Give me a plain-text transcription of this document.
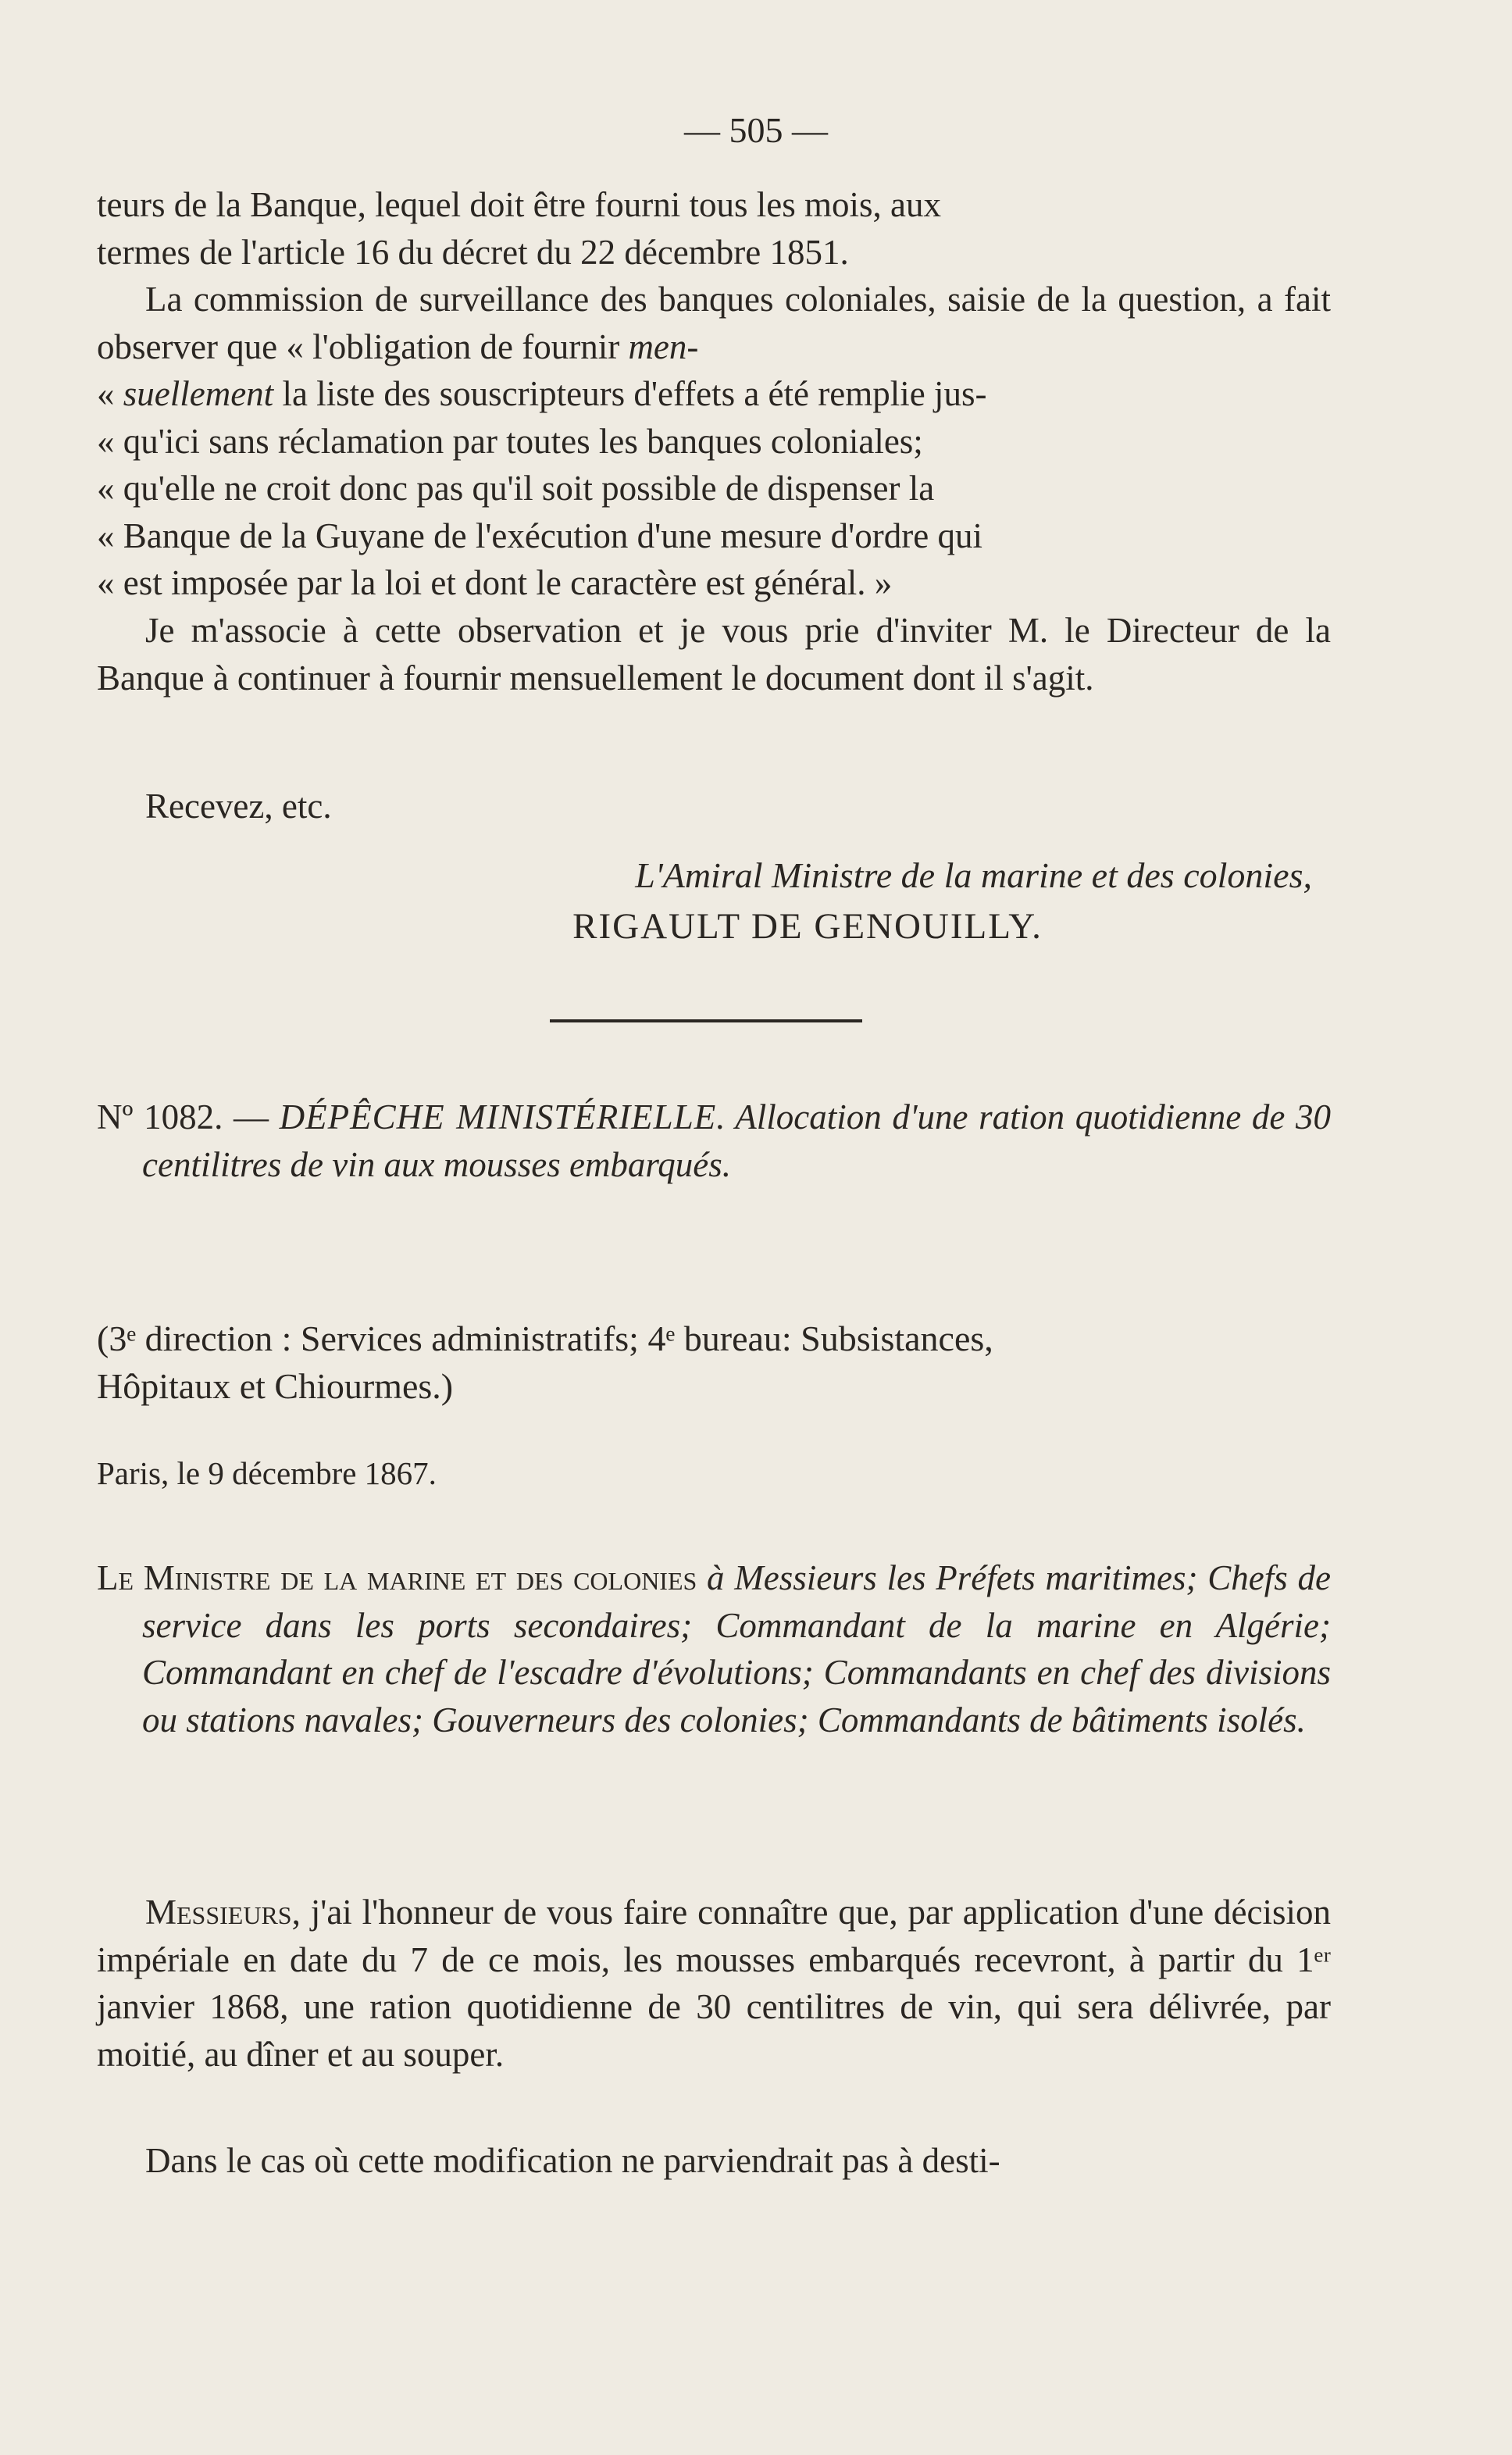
— 505 —

teurs de la Banque, lequel doit être fourni tous les mois, aux

termes de l'article 16 du décret du 22 décembre 1851.

La commission de surveillance des banques coloniales, saisie de la question, a fait observer que « l'obligation de fournir men-

« suellement la liste des souscripteurs d'effets a été remplie jus-

« qu'ici sans réclamation par toutes les banques coloniales;

« qu'elle ne croit donc pas qu'il soit possible de dispenser la

« Banque de la Guyane de l'exécution d'une mesure d'ordre qui

« est imposée par la loi et dont le caractère est général. »

Je m'associe à cette observation et je vous prie d'inviter M. le Directeur de la Banque à continuer à fournir mensuellement le document dont il s'agit.

Recevez, etc.

L'Amiral Ministre de la marine et des colonies,
RIGAULT DE GENOUILLY.

Nº 1082. — DÉPÊCHE MINISTÉRIELLE. Allocation d'une ration quotidienne de 30 centilitres de vin aux mousses embarqués.

(3ᵉ direction : Services administratifs; 4ᵉ bureau: Subsistances,

Hôpitaux et Chiourmes.)

Paris, le 9 décembre 1867.

Le Ministre de la marine et des colonies à Messieurs les Préfets maritimes; Chefs de service dans les ports secondaires; Commandant de la marine en Algérie; Commandant en chef de l'escadre d'évolutions; Commandants en chef des divisions ou stations navales; Gouverneurs des colonies; Commandants de bâtiments isolés.

Messieurs, j'ai l'honneur de vous faire connaître que, par application d'une décision impériale en date du 7 de ce mois, les mousses embarqués recevront, à partir du 1ᵉʳ janvier 1868, une ration quotidienne de 30 centilitres de vin, qui sera délivrée, par moitié, au dîner et au souper.

Dans le cas où cette modification ne parviendrait pas à desti-
